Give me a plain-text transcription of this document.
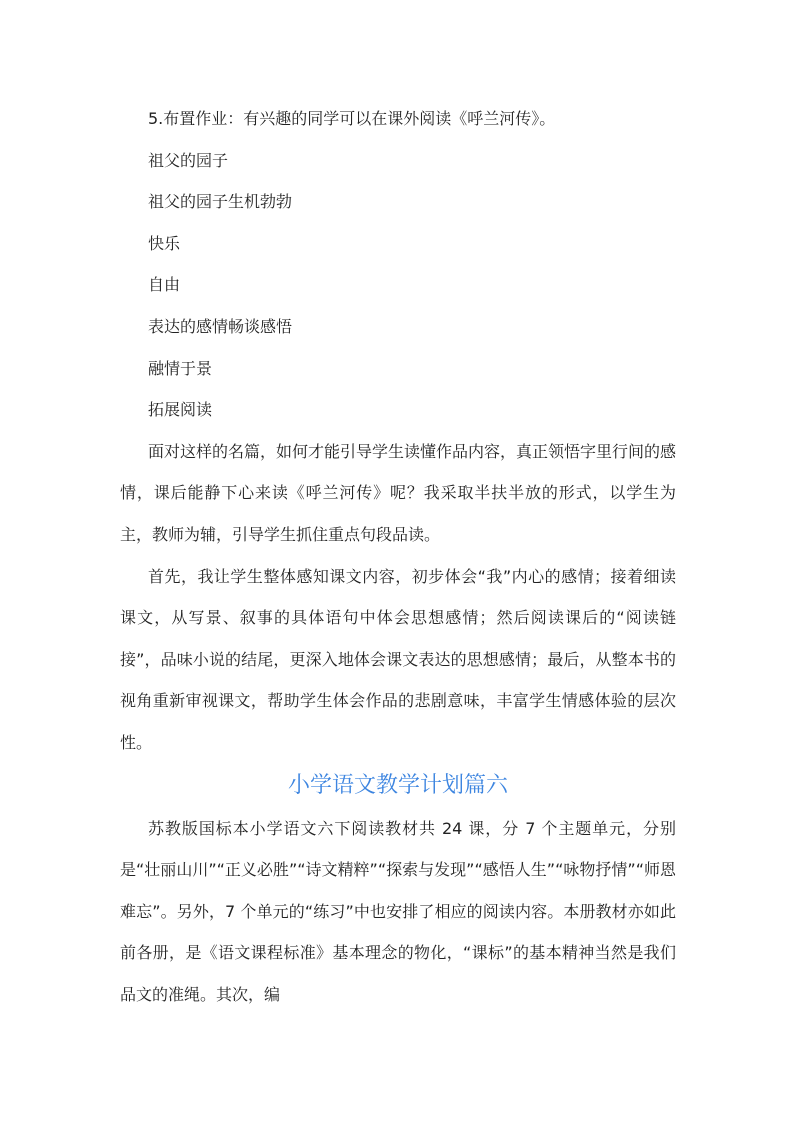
5.布置作业：有兴趣的同学可以在课外阅读《呼兰河传》。

祖父的园子

祖父的园子生机勃勃

快乐

自由

表达的感情畅谈感悟

融情于景

拓展阅读

面对这样的名篇，如何才能引导学生读懂作品内容，真正领悟字里行间的感情，课后能静下心来读《呼兰河传》呢？我采取半扶半放的形式，以学生为主，教师为辅，引导学生抓住重点句段品读。

首先，我让学生整体感知课文内容，初步体会“我”内心的感情；接着细读课文，从写景、叙事的具体语句中体会思想感情；然后阅读课后的“阅读链接”，品味小说的结尾，更深入地体会课文表达的思想感情；最后，从整本书的视角重新审视课文，帮助学生体会作品的悲剧意味，丰富学生情感体验的层次性。

小学语文教学计划篇六

苏教版国标本小学语文六下阅读教材共 24 课，分 7 个主题单元，分别是“壮丽山川”“正义必胜”“诗文精粹”“探索与发现”“感悟人生”“咏物抒情”“师恩难忘”。另外，7 个单元的“练习”中也安排了相应的阅读内容。本册教材亦如此前各册，是《语文课程标准》基本理念的物化，“课标”的基本精神当然是我们品文的准绳。其次，编
